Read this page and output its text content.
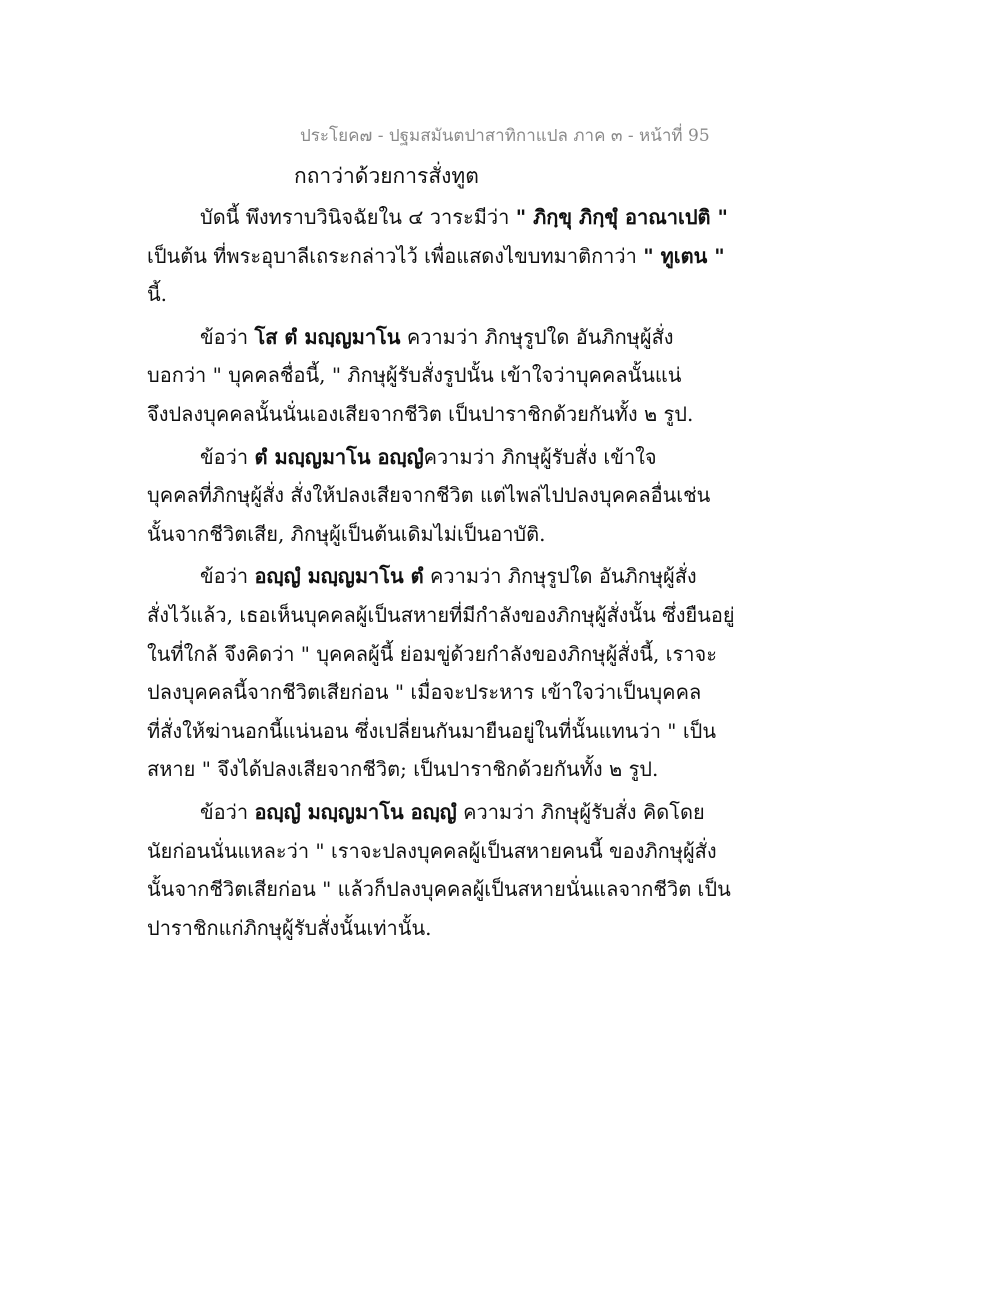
ประโยค๗ - ปฐมสมันตปาสาทิกาแปล ภาค ๓ - หน้าที่ 95
กถาว่าด้วยการสั่งทูต
บัดนี้ พึงทราบวินิจฉัยใน ๔ วาระมีว่า " ภิกฺขุ ภิกฺขุํ อาณาเปติ "
เป็นต้น ที่พระอุบาลีเถระกล่าวไว้ เพื่อแสดงไขบทมาติกาว่า " ทูเตน "
นี้.
ข้อว่า โส ตํ มญฺญมาโน ความว่า ภิกษุรูปใด อันภิกษุผู้สั่ง
บอกว่า " บุคคลชื่อนี้, " ภิกษุผู้รับสั่งรูปนั้น เข้าใจว่าบุคคลนั้นแน่
จึงปลงบุคคลนั้นนั่นเองเสียจากชีวิต เป็นปาราชิกด้วยกันทั้ง ๒ รูป.
ข้อว่า ตํ มญฺญมาโน อญฺญํความว่า ภิกษุผู้รับสั่ง เข้าใจ
บุคคลที่ภิกษุผู้สั่ง สั่งให้ปลงเสียจากชีวิต แต่ไพล่ไปปลงบุคคลอื่นเช่น
นั้นจากชีวิตเสีย, ภิกษุผู้เป็นต้นเดิมไม่เป็นอาบัติ.
ข้อว่า อญฺญํ มญฺญมาโน ตํ ความว่า ภิกษุรูปใด อันภิกษุผู้สั่ง
สั่งไว้แล้ว, เธอเห็นบุคคลผู้เป็นสหายที่มีกำลังของภิกษุผู้สั่งนั้น ซึ่งยืนอยู่
ในที่ใกล้ จึงคิดว่า " บุคคลผู้นี้ ย่อมขู่ด้วยกำลังของภิกษุผู้สั่งนี้, เราจะ
ปลงบุคคลนี้จากชีวิตเสียก่อน " เมื่อจะประหาร เข้าใจว่าเป็นบุคคล
ที่สั่งให้ฆ่านอกนี้แน่นอน ซึ่งเปลี่ยนกันมายืนอยู่ในที่นั้นแทนว่า " เป็น
สหาย " จึงได้ปลงเสียจากชีวิต; เป็นปาราชิกด้วยกันทั้ง ๒ รูป.
ข้อว่า อญฺญํ มญฺญมาโน อญฺญํ ความว่า ภิกษุผู้รับสั่ง คิดโดย
นัยก่อนนั่นแหละว่า " เราจะปลงบุคคลผู้เป็นสหายคนนี้ ของภิกษุผู้สั่ง
นั้นจากชีวิตเสียก่อน " แล้วก็ปลงบุคคลผู้เป็นสหายนั่นแลจากชีวิต เป็น
ปาราชิกแก่ภิกษุผู้รับสั่งนั้นเท่านั้น.
